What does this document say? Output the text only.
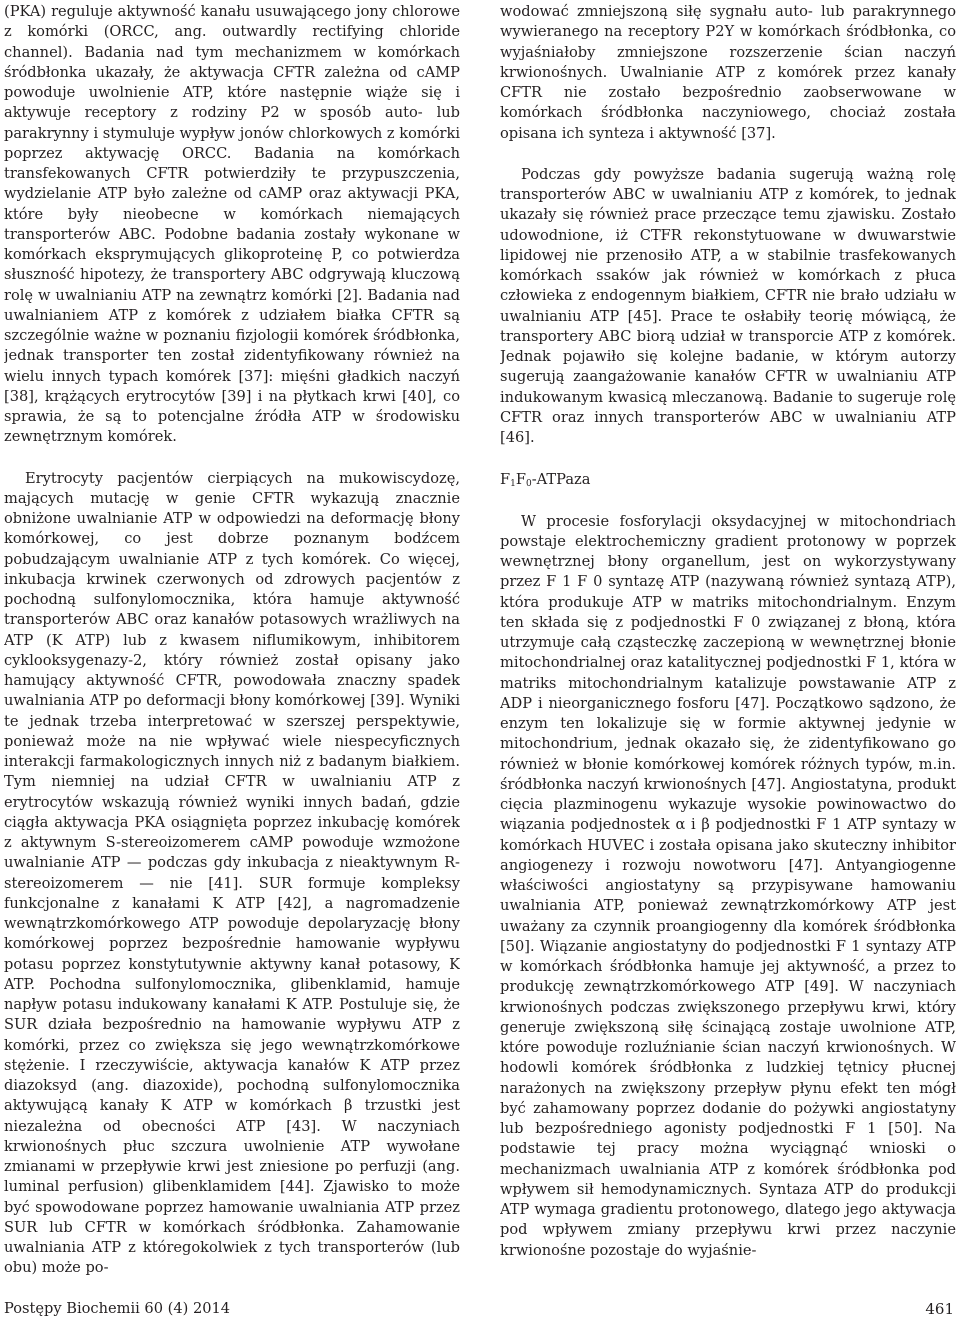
(PKA) reguluje aktywność kanału usuwającego jony chlorowe z komórki (ORCC, ang. outwardly rectifying chloride channel). Badania nad tym mechanizmem w komórkach śródbłonka ukazały, że aktywacja CFTR zależna od cAMP powoduje uwolnienie ATP, które następnie wiąże się i aktywuje receptory z rodziny P2 w sposób auto- lub parakrynny i stymuluje wypływ jonów chlorkowych z komórki poprzez aktywację ORCC. Badania na komórkach transfekowanych CFTR potwierdziły te przypuszczenia, wydzielanie ATP było zależne od cAMP oraz aktywacji PKA, które były nieobecne w komórkach niemających transporterów ABC. Podobne badania zostały wykonane w komórkach eksprymujących glikoproteinę P, co potwierdza słuszność hipotezy, że transportery ABC odgrywają kluczową rolę w uwalnianiu ATP na zewnątrz komórki [2]. Badania nad uwalnianiem ATP z komórek z udziałem białka CFTR są szczególnie ważne w poznaniu fizjologii komórek śródbłonka, jednak transporter ten został zidentyfikowany również na wielu innych typach komórek [37]: mięśni gładkich naczyń [38], krążących erytrocytów [39] i na płytkach krwi [40], co sprawia, że są to potencjalne źródła ATP w środowisku zewnętrznym komórek.

Erytrocyty pacjentów cierpiących na mukowiscydozę, mających mutację w genie CFTR wykazują znacznie obniżone uwalnianie ATP w odpowiedzi na deformację błony komórkowej, co jest dobrze poznanym bodźcem pobudzającym uwalnianie ATP z tych komórek. Co więcej, inkubacja krwinek czerwonych od zdrowych pacjentów z pochodną sulfonylomocznika, która hamuje aktywność transporterów ABC oraz kanałów potasowych wrażliwych na ATP (K ATP) lub z kwasem niflumikowym, inhibitorem cyklooksygenazy-2, który również został opisany jako hamujący aktywność CFTR, powodowała znaczny spadek uwalniania ATP po deformacji błony komórkowej [39]. Wyniki te jednak trzeba interpretować w szerszej perspektywie, ponieważ może na nie wpływać wiele niespecyficznych interakcji farmakologicznych innych niż z badanym białkiem. Tym niemniej na udział CFTR w uwalnianiu ATP z erytrocytów wskazują również wyniki innych badań, gdzie ciągła aktywacja PKA osiągnięta poprzez inkubację komórek z aktywnym S-stereoizomerem cAMP powoduje wzmożone uwalnianie ATP — podczas gdy inkubacja z nieaktywnym R-stereoizomerem — nie [41]. SUR formuje kompleksy funkcjonalne z kanałami K ATP [42], a nagromadzenie wewnątrzkomórkowego ATP powoduje depolaryzację błony komórkowej poprzez bezpośrednie hamowanie wypływu potasu poprzez konstytutywnie aktywny kanał potasowy, K ATP. Pochodna sulfonylomocznika, glibenklamid, hamuje napływ potasu indukowany kanałami K ATP. Postuluje się, że SUR działa bezpośrednio na hamowanie wypływu ATP z komórki, przez co zwiększa się jego wewnątrzkomórkowe stężenie. I rzeczywiście, aktywacja kanałów K ATP przez diazoksyd (ang. diazoxide), pochodną sulfonylomocznika aktywującą kanały K ATP w komórkach β trzustki jest niezależna od obecności ATP [43]. W naczyniach krwionośnych płuc szczura uwolnienie ATP wywołane zmianami w przepływie krwi jest zniesione po perfuzji (ang. luminal perfusion) glibenklamidem [44]. Zjawisko to może być spowodowane poprzez hamowanie uwalniania ATP przez SUR lub CFTR w komórkach śródbłonka. Zahamowanie uwalniania ATP z któregokolwiek z tych transporterów (lub obu) może po-

wodować zmniejszoną siłę sygnału auto- lub parakrynnego wywieranego na receptory P2Y w komórkach śródbłonka, co wyjaśniałoby zmniejszone rozszerzenie ścian naczyń krwionośnych. Uwalnianie ATP z komórek przez kanały CFTR nie zostało bezpośrednio zaobserwowane w komórkach śródbłonka naczyniowego, chociaż została opisana ich synteza i aktywność [37].

Podczas gdy powyższe badania sugerują ważną rolę transporterów ABC w uwalnianiu ATP z komórek, to jednak ukazały się również prace przeczące temu zjawisku. Zostało udowodnione, iż CTFR rekonstytuowane w dwuwarstwie lipidowej nie przenosiło ATP, a w stabilnie trasfekowanych komórkach ssaków jak również w komórkach z płuca człowieka z endogennym białkiem, CFTR nie brało udziału w uwalnianiu ATP [45]. Prace te osłabiły teorię mówiącą, że transportery ABC biorą udział w transporcie ATP z komórek. Jednak pojawiło się kolejne badanie, w którym autorzy sugerują zaangażowanie kanałów CFTR w uwalnianiu ATP indukowanym kwasicą mleczanową. Badanie to sugeruje rolę CFTR oraz innych transporterów ABC w uwalnianiu ATP [46].

$F_1F_0$-ATPaza

W procesie fosforylacji oksydacyjnej w mitochondriach powstaje elektrochemiczny gradient protonowy w poprzek wewnętrznej błony organellum, jest on wykorzystywany przez F 1 F 0 syntazę ATP (nazywaną również syntazą ATP), która produkuje ATP w matriks mitochondrialnym. Enzym ten składa się z podjednostki F 0 związanej z błoną, która utrzymuje całą cząsteczkę zaczepioną w wewnętrznej błonie mitochondrialnej oraz katalitycznej podjednostki F 1, która w matriks mitochondrialnym katalizuje powstawanie ATP z ADP i nieorganicznego fosforu [47]. Początkowo sądzono, że enzym ten lokalizuje się w formie aktywnej jedynie w mitochondrium, jednak okazało się, że zidentyfikowano go również w błonie komórkowej komórek różnych typów, m.in. śródbłonka naczyń krwionośnych [47]. Angiostatyna, produkt cięcia plazminogenu wykazuje wysokie powinowactwo do wiązania podjednostek α i β podjednostki F 1 ATP syntazy w komórkach HUVEC i została opisana jako skuteczny inhibitor angiogenezy i rozwoju nowotworu [47]. Antyangiogenne właściwości angiostatyny są przypisywane hamowaniu uwalniania ATP, ponieważ zewnątrzkomórkowy ATP jest uważany za czynnik proangiogenny dla komórek śródbłonka [50]. Wiązanie angiostatyny do podjednostki F 1 syntazy ATP w komórkach śródbłonka hamuje jej aktywność, a przez to produkcję zewnątrzkomórkowego ATP [49]. W naczyniach krwionośnych podczas zwiększonego przepływu krwi, który generuje zwiększoną siłę ścinającą zostaje uwolnione ATP, które powoduje rozluźnianie ścian naczyń krwionośnych. W hodowli komórek śródbłonka z ludzkiej tętnicy płucnej narażonych na zwiększony przepływ płynu efekt ten mógł być zahamowany poprzez dodanie do pożywki angiostatyny lub bezpośredniego agonisty podjednostki F 1 [50]. Na podstawie tej pracy można wyciągnąć wnioski o mechanizmach uwalniania ATP z komórek śródbłonka pod wpływem sił hemodynamicznych. Syntaza ATP do produkcji ATP wymaga gradientu protonowego, dlatego jego aktywacja pod wpływem zmiany przepływu krwi przez naczynie krwionośne pozostaje do wyjaśnie-

Postępy Biochemii 60 (4) 2014	461
